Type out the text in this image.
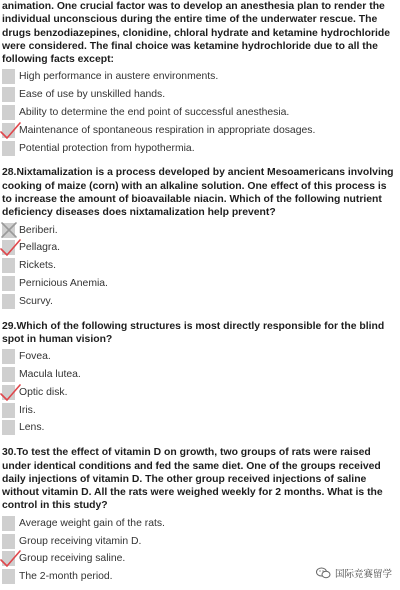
animation. One crucial factor was to develop an anesthesia plan to render the individual unconscious during the entire time of the underwater rescue. The drugs benzodiazepines, clonidine, chloral hydrate and ketamine hydrochloride were considered. The final choice was ketamine hydrochloride due to all the following facts except:

High performance in austere environments.
Ease of use by unskilled hands.
Ability to determine the end point of successful anesthesia.
Maintenance of spontaneous respiration in appropriate dosages.
Potential protection from hypothermia.

28.Nixtamalization is a process developed by ancient Mesoamericans involving cooking of maize (corn) with an alkaline solution. One effect of this process is to increase the amount of bioavailable niacin. Which of the following nutrient deficiency diseases does nixtamalization help prevent?

Beriberi.
Pellagra.
Rickets.
Pernicious Anemia.
Scurvy.

29.Which of the following structures is most directly responsible for the blind spot in human vision?

Fovea.
Macula lutea.
Optic disk.
Iris.
Lens.

30.To test the effect of vitamin D on growth, two groups of rats were raised under identical conditions and fed the same diet. One of the groups received daily injections of vitamin D. The other group received injections of saline without vitamin D. All the rats were weighed weekly for 2 months. What is the control in this study?

Average weight gain of the rats.
Group receiving vitamin D.
Group receiving saline.
The 2-month period.	国际竞赛留学
